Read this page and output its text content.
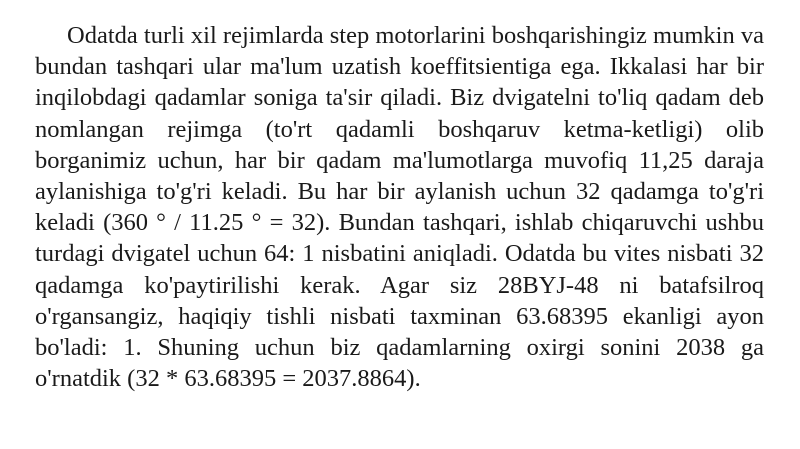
Odatda turli xil rejimlarda step motorlarini boshqarishingiz mumkin va bundan tashqari ular ma'lum uzatish koeffitsientiga ega. Ikkalasi har bir inqilobdagi qadamlar soniga ta'sir qiladi. Biz dvigatelni to'liq qadam deb nomlangan rejimga (to'rt qadamli boshqaruv ketma-ketligi) olib borganimiz uchun, har bir qadam ma'lumotlarga muvofiq 11,25 daraja aylanishiga to'g'ri keladi. Bu har bir aylanish uchun 32 qadamga to'g'ri keladi (360 ° / 11.25 ° = 32). Bundan tashqari, ishlab chiqaruvchi ushbu turdagi dvigatel uchun 64: 1 nisbatini aniqladi. Odatda bu vites nisbati 32 qadamga ko'paytirilishi kerak. Agar siz 28BYJ-48 ni batafsilroq o'rgansangiz, haqiqiy tishli nisbati taxminan 63.68395 ekanligi ayon bo'ladi: 1. Shuning uchun biz qadamlarning oxirgi sonini 2038 ga o'rnatdik (32 * 63.68395 = 2037.8864).
